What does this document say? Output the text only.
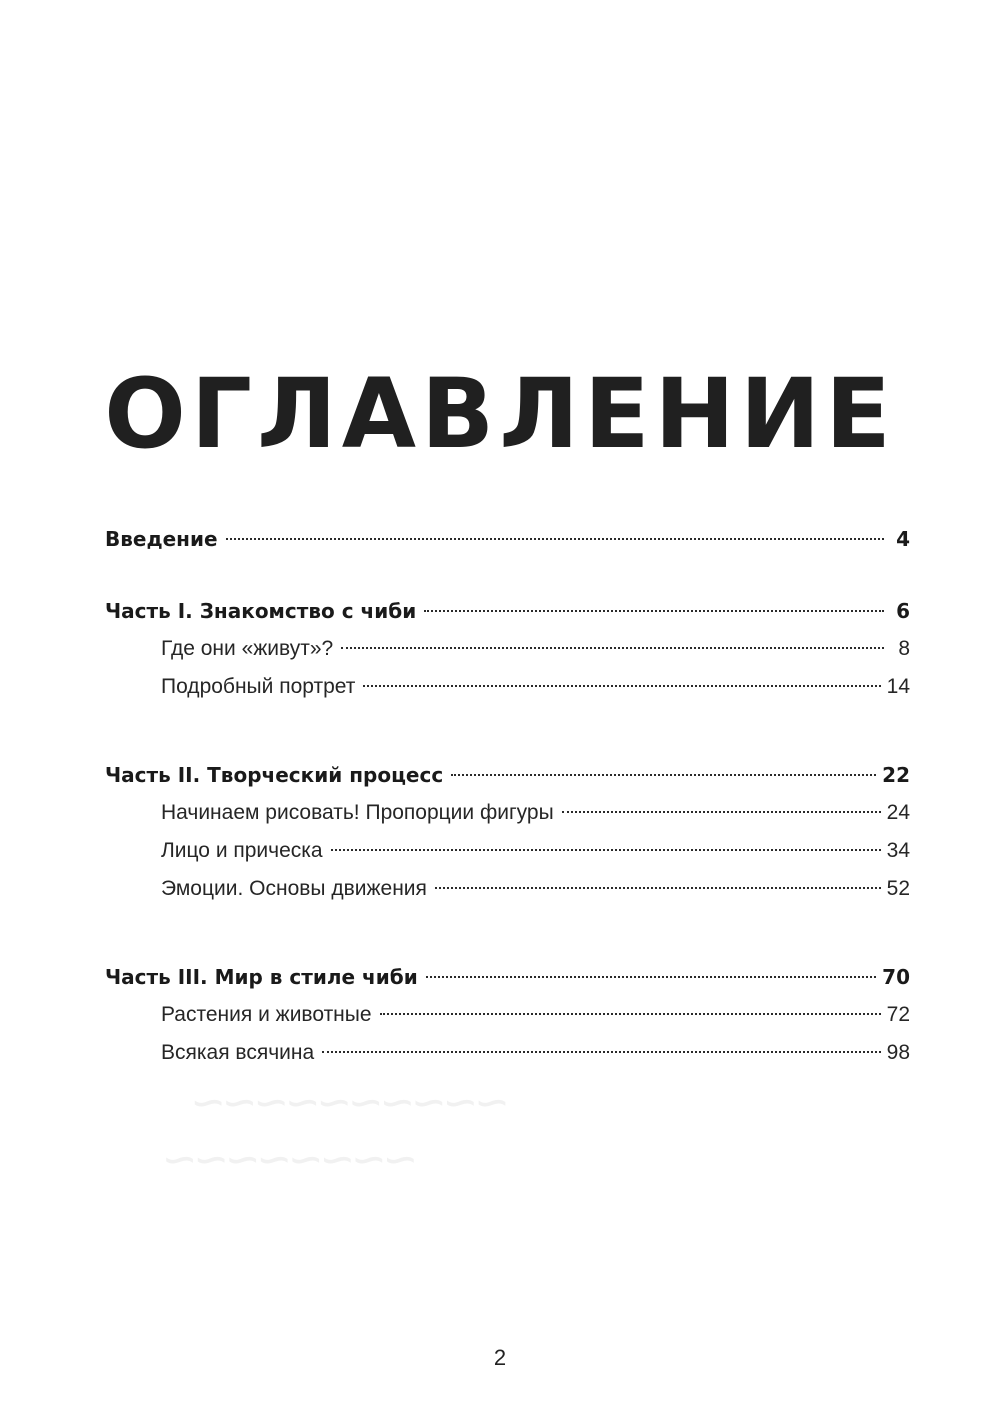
~~~~~~~~~~
~~~~~~~~
ОГЛАВЛЕНИЕ
Введение	4
Часть I. Знакомство с чиби	6
Где они «живут»?	8
Подробный портрет	14
Часть II. Творческий процесс	22
Начинаем рисовать! Пропорции фигуры	24
Лицо и прическа	34
Эмоции. Основы движения	52
Часть III. Мир в стиле чиби	70
Растения и животные	72
Всякая всячина	98
2
